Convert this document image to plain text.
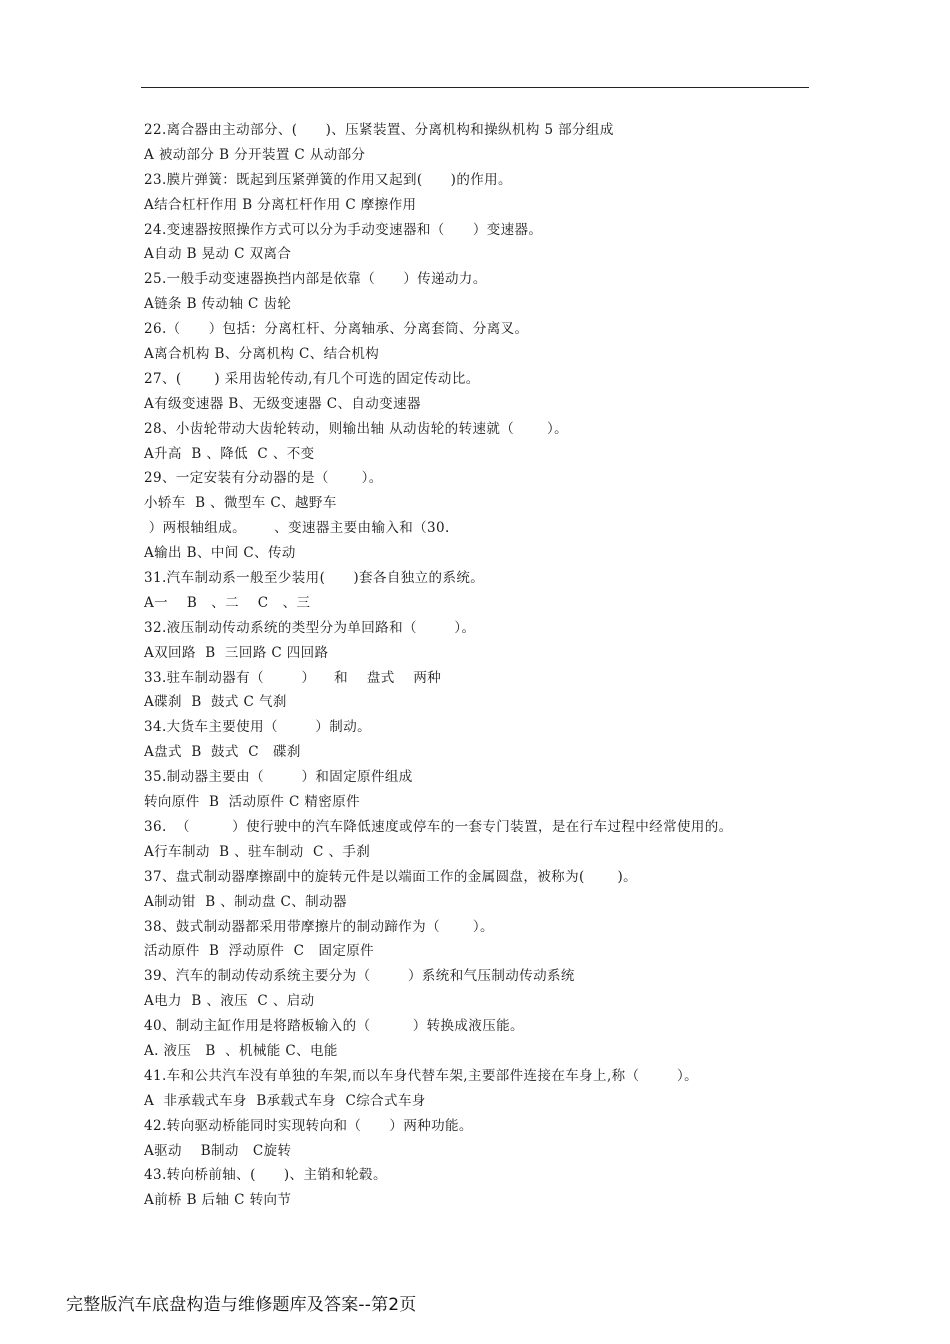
22.离合器由主动部分、(      )、压紧装置、分离机构和操纵机构 5 部分组成
A 被动部分 B 分开装置 C 从动部分
23.膜片弹簧：既起到压紧弹簧的作用又起到(      )的作用。
A结合杠杆作用 B 分离杠杆作用 C 摩擦作用
24.变速器按照操作方式可以分为手动变速器和（      ）变速器。
A自动 B 晃动 C 双离合
25.一般手动变速器换挡内部是依靠（      ）传递动力。
A链条 B 传动轴 C 齿轮
26.（      ）包括：分离杠杆、分离轴承、分离套筒、分离叉。
A离合机构 B、分离机构 C、结合机构
27、(       ) 采用齿轮传动,有几个可选的固定传动比。
A有级变速器 B、无级变速器 C、自动变速器
28、小齿轮带动大齿轮转动，则输出轴 从动齿轮的转速就（       ）。
A升高  B 、降低  C 、不变
29、一定安装有分动器的是（       ）。
小轿车  B 、微型车 C、越野车
）两根轴组成。      、变速器主要由输入和（30.
A输出 B、中间 C、传动
31.汽车制动系一般至少装用(      )套各自独立的系统。
A一    B   、二    C   、三
32.液压制动传动系统的类型分为单回路和（        ）。
A双回路  B  三回路 C 四回路
33.驻车制动器有（        ）    和    盘式    两种
A碟刹  B  鼓式 C 气刹
34.大货车主要使用（        ）制动。
A盘式  B  鼓式  C   碟刹
35.制动器主要由（        ）和固定原件组成
转向原件  B  活动原件 C 精密原件
36.  （         ）使行驶中的汽车降低速度或停车的一套专门装置，是在行车过程中经常使用的。
A行车制动  B 、驻车制动  C 、手刹
37、盘式制动器摩擦副中的旋转元件是以端面工作的金属圆盘，被称为(       )。
A制动钳  B 、制动盘 C、制动器
38、鼓式制动器都采用带摩擦片的制动蹄作为（       ）。
活动原件  B  浮动原件  C   固定原件
39、汽车的制动传动系统主要分为（        ）系统和气压制动传动系统
A电力  B 、液压  C 、启动
40、制动主缸作用是将踏板输入的（         ）转换成液压能。
A. 液压   B  、机械能 C、电能
41.车和公共汽车没有单独的车架,而以车身代替车架,主要部件连接在车身上,称（        ）。
A  非承载式车身  B承载式车身  C综合式车身
42.转向驱动桥能同时实现转向和（      ）两种功能。
A驱动    B制动   C旋转
43.转向桥前轴、(      )、主销和轮毂。
A前桥 B 后轴 C 转向节
完整版汽车底盘构造与维修题库及答案--第2页
